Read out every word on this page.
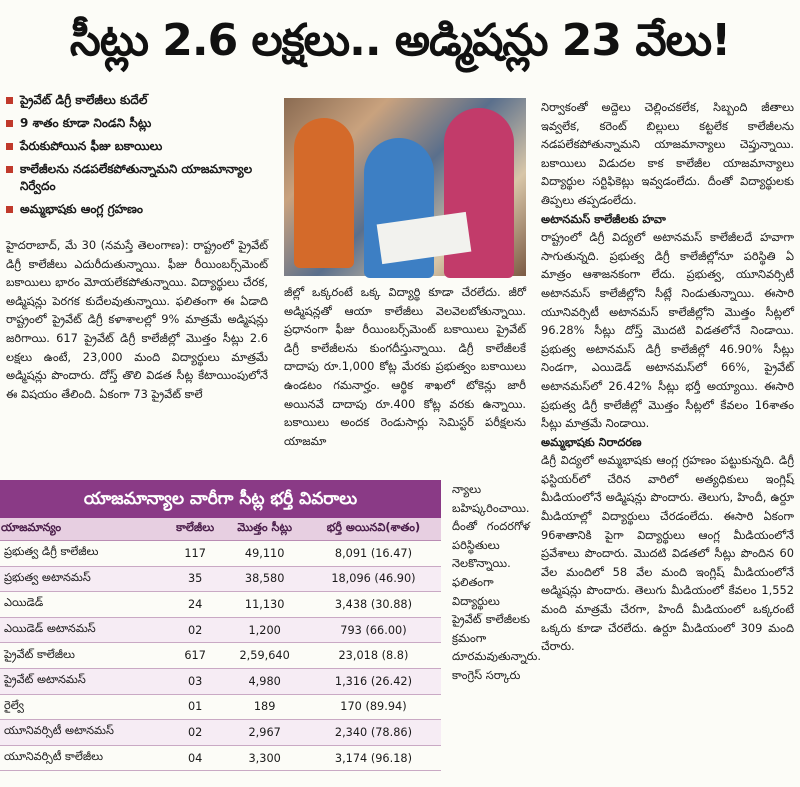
సీట్లు 2.6 లక్షలు.. అడ్మిషన్లు 23 వేలు!
ప్రైవేట్ డిగ్రీ కాలేజీలు కుదేల్
9 శాతం కూడా నిండని సీట్లు
పేరుకుపోయిన ఫీజు బకాయిలు
కాలేజీలను నడపలేకపోతున్నామని యాజమాన్యాల నిర్వేదం
అమ్మభాషకు ఆంగ్ల గ్రహణం

హైదరాబాద్, మే 30 (నమస్తే తెలంగాణ): రాష్ట్రంలో ప్రైవేట్ డిగ్రీ కాలేజీలు ఎదురీదుతున్నాయి. ఫీజు రీయింబర్స్‌మెంట్ బకాయిలు భారం మోయలేకపోతున్నాయి. విద్యార్థులు చేరక, అడ్మిషన్లు పెరగక కుదేలవుతున్నాయి. ఫలితంగా ఈ ఏడాది రాష్ట్రంలో ప్రైవేట్ డిగ్రీ కళాశాలల్లో 9% మాత్రమే అడ్మిషన్లు జరిగాయి. 617 ప్రైవేట్ డిగ్రీ కాలేజీల్లో మొత్తం సీట్లు 2.6 లక్షలు ఉంటే, 23,000 మంది విద్యార్థులు మాత్రమే అడ్మిషన్లు పొందారు. దోస్త్ తొలి విడత సీట్ల కేటాయింపులోనే ఈ విషయం తేలింది. ఏకంగా 73 ప్రైవేట్ కాలే

జీల్లో ఒక్కరంటే ఒక్క విద్యార్థి కూడా చేరలేదు. జీరో అడ్మిషన్లతో ఆయా కాలేజీలు వెలవెలబోతున్నాయి. ప్రధానంగా ఫీజు రీయింబర్స్‌మెంట్ బకాయిలు ప్రైవేట్ డిగ్రీ కాలేజీలను కుంగదీస్తున్నాయి. డిగ్రీ కాలేజీలకే దాదాపు రూ.1,000 కోట్ల మేరకు ప్రభుత్వం బకాయిలు ఉండటం గమనార్హం. ఆర్థిక శాఖలో టోకెన్లు జారీ అయినవే దాదాపు రూ.400 కోట్ల వరకు ఉన్నాయి. బకాయిలు అందక రెండుసార్లు సెమిస్టర్ పరీక్షలను యాజమా

న్యాలు బహిష్కరించాయి. దీంతో గందరగోళ పరిస్థితులు నెలకొన్నాయి. ఫలితంగా విద్యార్థులు ప్రైవేట్ కాలేజీలకు క్రమంగా దూరమవుతున్నారు. కాంగ్రెస్ సర్కారు

నిర్వాకంతో అద్దెలు చెల్లించకలేక, సిబ్బంది జీతాలు ఇవ్వలేక, కరెంట్ బిల్లులు కట్టలేక కాలేజీలను నడపలేకపోతున్నామని యాజమాన్యాలు చెప్తున్నాయి. బకాయిలు విడుదల కాక కాలేజీల యాజమాన్యాలు విద్యార్థుల సర్టిఫికెట్లు ఇవ్వడంలేదు. దీంతో విద్యార్థులకు తిప్పలు తప్పడంలేదు.

అటానమస్ కాలేజీలకు హవా

రాష్ట్రంలో డిగ్రీ విద్యలో అటానమస్ కాలేజీలదే హవాగా సాగుతున్నది. ప్రభుత్వ డిగ్రీ కాలేజీల్లోనూ పరిస్థితి ఏ మాత్రం ఆశాజనకంగా లేదు. ప్రభుత్వ, యూనివర్సిటీ అటానమస్ కాలేజీల్లోని సీట్లే నిండుతున్నాయి. ఈసారి యూనివర్సిటీ అటానమస్ కాలేజీల్లోని మొత్తం సీట్లలో 96.28% సీట్లు దోస్త్ మొదటి విడతలోనే నిండాయి. ప్రభుత్వ అటానమస్ డిగ్రీ కాలేజీల్లో 46.90% సీట్లు నిండగా, ఎయిడెడ్ అటానమస్‌లో 66%, ప్రైవేట్ అటానమస్‌లో 26.42% సీట్లు భర్తీ అయ్యాయి. ఈసారి ప్రభుత్వ డిగ్రీ కాలేజీల్లో మొత్తం సీట్లలో కేవలం 16శాతం సీట్లు మాత్రమే నిండాయి.

అమ్మభాషకు నిరాదరణ

డిగ్రీ విద్యలో అమ్మభాషకు ఆంగ్ల గ్రహణం పట్టుకున్నది. డిగ్రీ ఫస్టియర్‌లో చేరిన వారిలో అత్యధికులు ఇంగ్లిష్ మీడియంలోనే అడ్మిషన్లు పొందారు. తెలుగు, హిందీ, ఉర్దూ మీడియాల్లో విద్యార్థులు చేరడంలేదు. ఈసారి ఏకంగా 96శాతానికి పైగా విద్యార్థులు ఆంగ్ల మీడియంలోనే ప్రవేశాలు పొందారు. మొదటి విడతలో సీట్లు పొందిన 60 వేల మందిలో 58 వేల మంది ఇంగ్లిష్ మీడియంలోనే అడ్మిషన్లు పొందారు. తెలుగు మీడియంలో కేవలం 1,552 మంది మాత్రమే చేరగా, హిందీ మీడియంలో ఒక్కరంటే ఒక్కరు కూడా చేరలేదు. ఉర్దూ మీడియంలో 309 మంది చేరారు.

యాజమాన్యాల వారీగా సీట్ల భర్తీ వివరాలు
యాజమాన్యం	కాలేజీలు	మొత్తం సీట్లు	భర్తీ అయినవి(శాతం)
ప్రభుత్వ డిగ్రీ కాలేజీలు	117	49,110	8,091 (16.47)
ప్రభుత్వ అటానమస్	35	38,580	18,096 (46.90)
ఎయిడెడ్	24	11,130	3,438 (30.88)
ఎయిడెడ్ అటానమస్	02	1,200	793 (66.00)
ప్రైవేట్ కాలేజీలు	617	2,59,640	23,018 (8.8)
ప్రైవేట్ అటానమస్	03	4,980	1,316 (26.42)
రైల్వే	01	189	170 (89.94)
యూనివర్సిటీ అటానమస్	02	2,967	2,340 (78.86)
యూనివర్సిటీ కాలేజీలు	04	3,300	3,174 (96.18)
